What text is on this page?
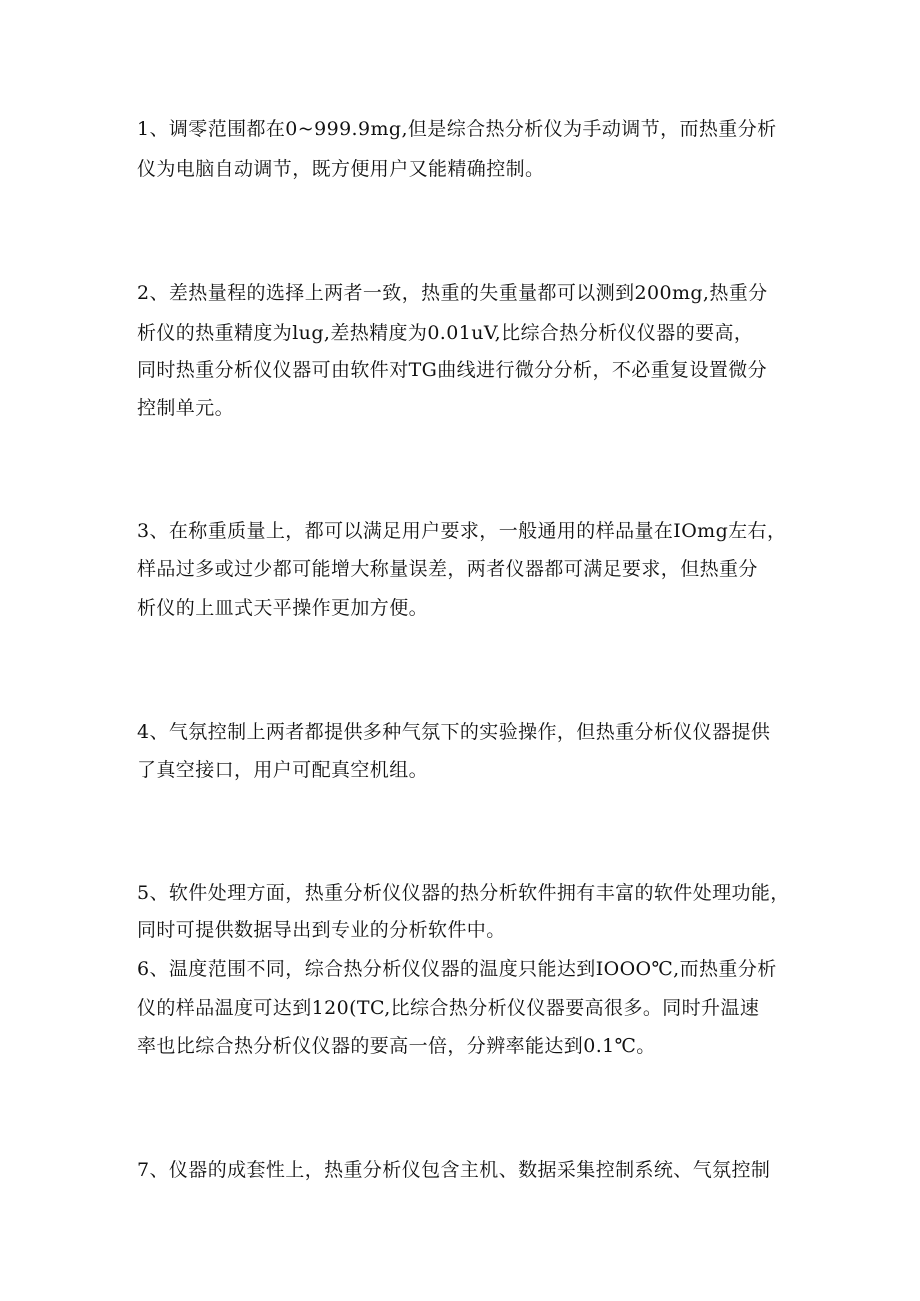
1、调零范围都在0~999.9mg,但是综合热分析仪为手动调节，而热重分析
仪为电脑自动调节，既方便用户又能精确控制。
2、差热量程的选择上两者一致，热重的失重量都可以测到200mg,热重分
析仪的热重精度为lug,差热精度为0.01uV,比综合热分析仪仪器的要高，
同时热重分析仪仪器可由软件对TG曲线进行微分分析，不必重复设置微分
控制单元。
3、在称重质量上，都可以满足用户要求，一般通用的样品量在IOmg左右，
样品过多或过少都可能增大称量误差，两者仪器都可满足要求，但热重分
析仪的上皿式天平操作更加方便。
4、气氛控制上两者都提供多种气氛下的实验操作，但热重分析仪仪器提供
了真空接口，用户可配真空机组。
5、软件处理方面，热重分析仪仪器的热分析软件拥有丰富的软件处理功能，
同时可提供数据导出到专业的分析软件中。
6、温度范围不同，综合热分析仪仪器的温度只能达到IOOO℃,而热重分析
仪的样品温度可达到120(TC,比综合热分析仪仪器要高很多。同时升温速
率也比综合热分析仪仪器的要高一倍，分辨率能达到0.1℃。
7、仪器的成套性上，热重分析仪包含主机、数据采集控制系统、气氛控制
